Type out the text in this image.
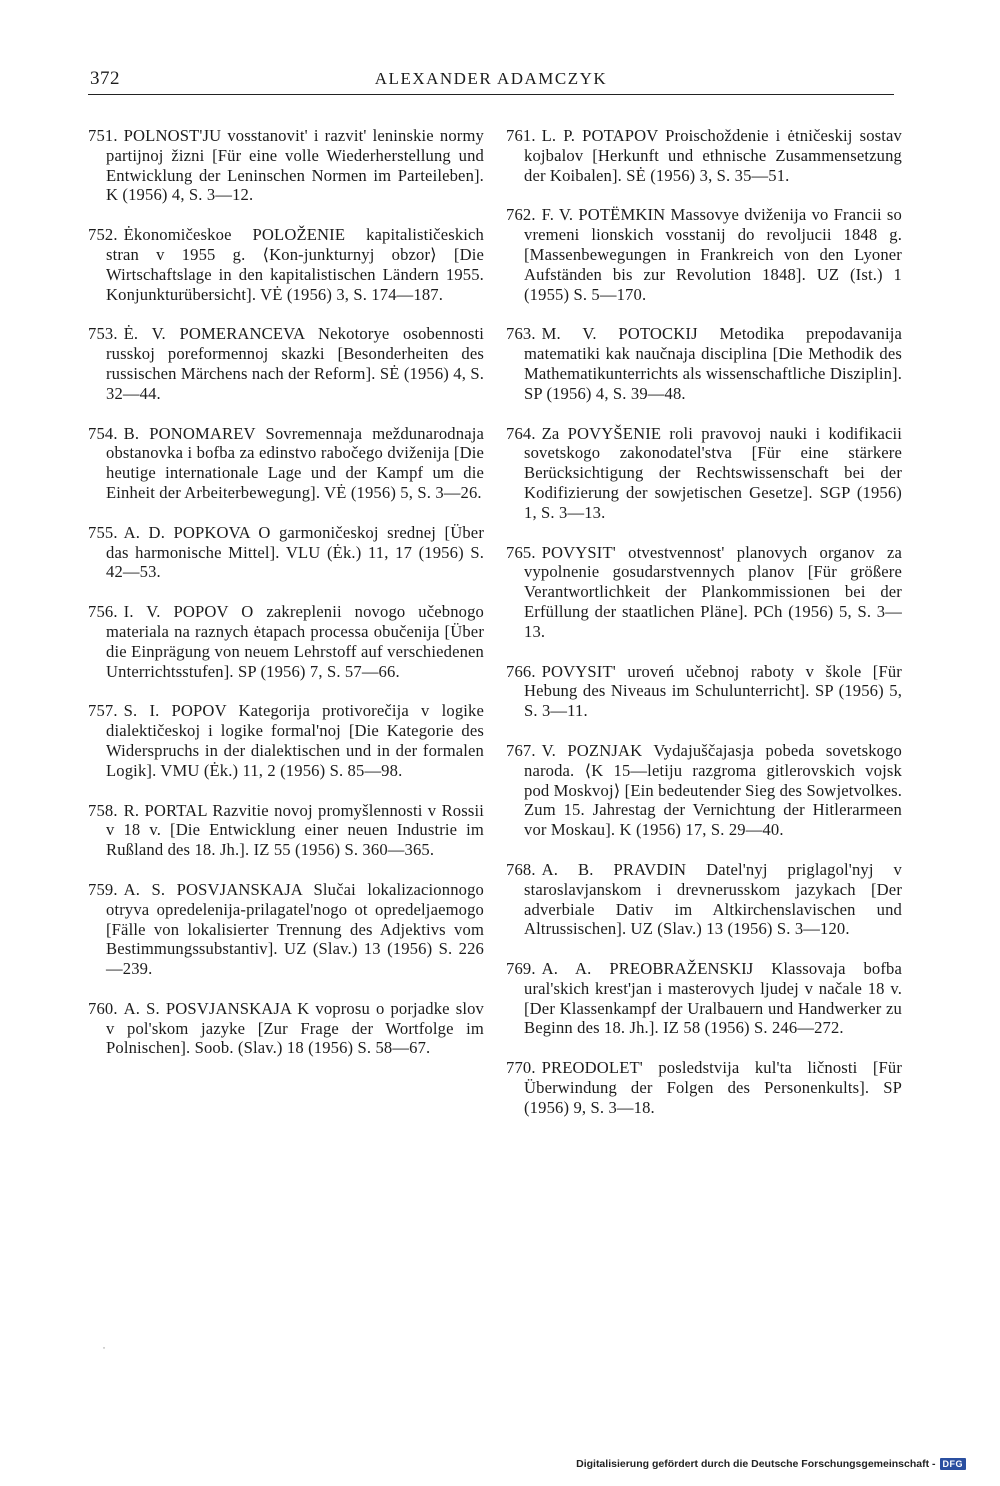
372	ALEXANDER ADAMCZYK

751. POLNOST'JU vosstanovit' i razvit' leninskie normy partijnoj žizni [Für eine volle Wiederherstellung und Entwicklung der Leninschen Normen im Parteileben]. K (1956) 4, S. 3—12.

752. Ėkonomičeskoe POLOŽENIE kapitalističeskich stran v 1955 g. ⟨Kon-junkturnyj obzor⟩ [Die Wirtschaftslage in den kapitalistischen Ländern 1955. Konjunkturübersicht]. VĖ (1956) 3, S. 174—187.

753. Ė. V. POMERANCEVA Nekotorye osobennosti russkoj poreformennoj skazki [Besonderheiten des russischen Märchens nach der Reform]. SĖ (1956) 4, S. 32—44.

754. B. PONOMAREV Sovremennaja meždunarodnaja obstanovka i bofba za edinstvo rabočego dviženija [Die heutige internationale Lage und der Kampf um die Einheit der Arbeiterbewegung]. VĖ (1956) 5, S. 3—26.

755. A. D. POPKOVA O garmoničeskoj srednej [Über das harmonische Mittel]. VLU (Ėk.) 11, 17 (1956) S. 42—53.

756. I. V. POPOV O zakreplenii novogo učebnogo materiala na raznych ėtapach processa obučenija [Über die Einprägung von neuem Lehrstoff auf verschiedenen Unterrichtsstufen]. SP (1956) 7, S. 57—66.

757. S. I. POPOV Kategorija protivorečija v logike dialektičeskoj i logike formal'noj [Die Kategorie des Widerspruchs in der dialektischen und in der formalen Logik]. VMU (Ėk.) 11, 2 (1956) S. 85—98.

758. R. PORTAL Razvitie novoj promyšlennosti v Rossii v 18 v. [Die Entwicklung einer neuen Industrie im Rußland des 18. Jh.]. IZ 55 (1956) S. 360—365.

759. A. S. POSVJANSKAJA Slučai lokalizacionnogo otryva opredelenija-prilagatel'nogo ot opredeljaemogo [Fälle von lokalisierter Trennung des Adjektivs vom Bestimmungssubstantiv]. UZ (Slav.) 13 (1956) S. 226—239.

760. A. S. POSVJANSKAJA K voprosu o porjadke slov v pol'skom jazyke [Zur Frage der Wortfolge im Polnischen]. Soob. (Slav.) 18 (1956) S. 58—67.

761. L. P. POTAPOV Proischoždenie i ėtničeskij sostav kojbalov [Herkunft und ethnische Zusammensetzung der Koibalen]. SĖ (1956) 3, S. 35—51.

762. F. V. POTËMKIN Massovye dviženija vo Francii so vremeni lionskich vosstanij do revoljucii 1848 g. [Massenbewegungen in Frankreich von den Lyoner Aufständen bis zur Revolution 1848]. UZ (Ist.) 1 (1955) S. 5—170.

763. M. V. POTOCKIJ Metodika prepodavanija matematiki kak naučnaja disciplina [Die Methodik des Mathematikunterrichts als wissenschaftliche Disziplin]. SP (1956) 4, S. 39—48.

764. Za POVYŠENIE roli pravovoj nauki i kodifikacii sovetskogo zakonodatel'stva [Für eine stärkere Berücksichtigung der Rechtswissenschaft bei der Kodifizierung der sowjetischen Gesetze]. SGP (1956) 1, S. 3—13.

765. POVYSIT' otvestvennost' planovych organov za vypolnenie gosudarstvennych planov [Für größere Verantwortlichkeit der Plankommissionen bei der Erfüllung der staatlichen Pläne]. PCh (1956) 5, S. 3—13.

766. POVYSIT' uroveń učebnoj raboty v škole [Für Hebung des Niveaus im Schulunterricht]. SP (1956) 5, S. 3—11.

767. V. POZNJAK Vydajuščajasja pobeda sovetskogo naroda. ⟨K 15—letiju razgroma gitlerovskich vojsk pod Moskvoj⟩ [Ein bedeutender Sieg des Sowjetvolkes. Zum 15. Jahrestag der Vernichtung der Hitlerarmeen vor Moskau]. K (1956) 17, S. 29—40.

768. A. B. PRAVDIN Datel'nyj priglagol'nyj v staroslavjanskom i drevnerusskom jazykach [Der adverbiale Dativ im Altkirchenslavischen und Altrussischen]. UZ (Slav.) 13 (1956) S. 3—120.

769. A. A. PREOBRAŽENSKIJ Klassovaja bofba ural'skich krest'jan i masterovych ljudej v načale 18 v. [Der Klassenkampf der Uralbauern und Handwerker zu Beginn des 18. Jh.]. IZ 58 (1956) S. 246—272.

770. PREODOLET' posledstvija kul'ta ličnosti [Für Überwindung der Folgen des Personenkults]. SP (1956) 9, S. 3—18.

˙
Digitalisierung gefördert durch die Deutsche Forschungsgemeinschaft - DFG
